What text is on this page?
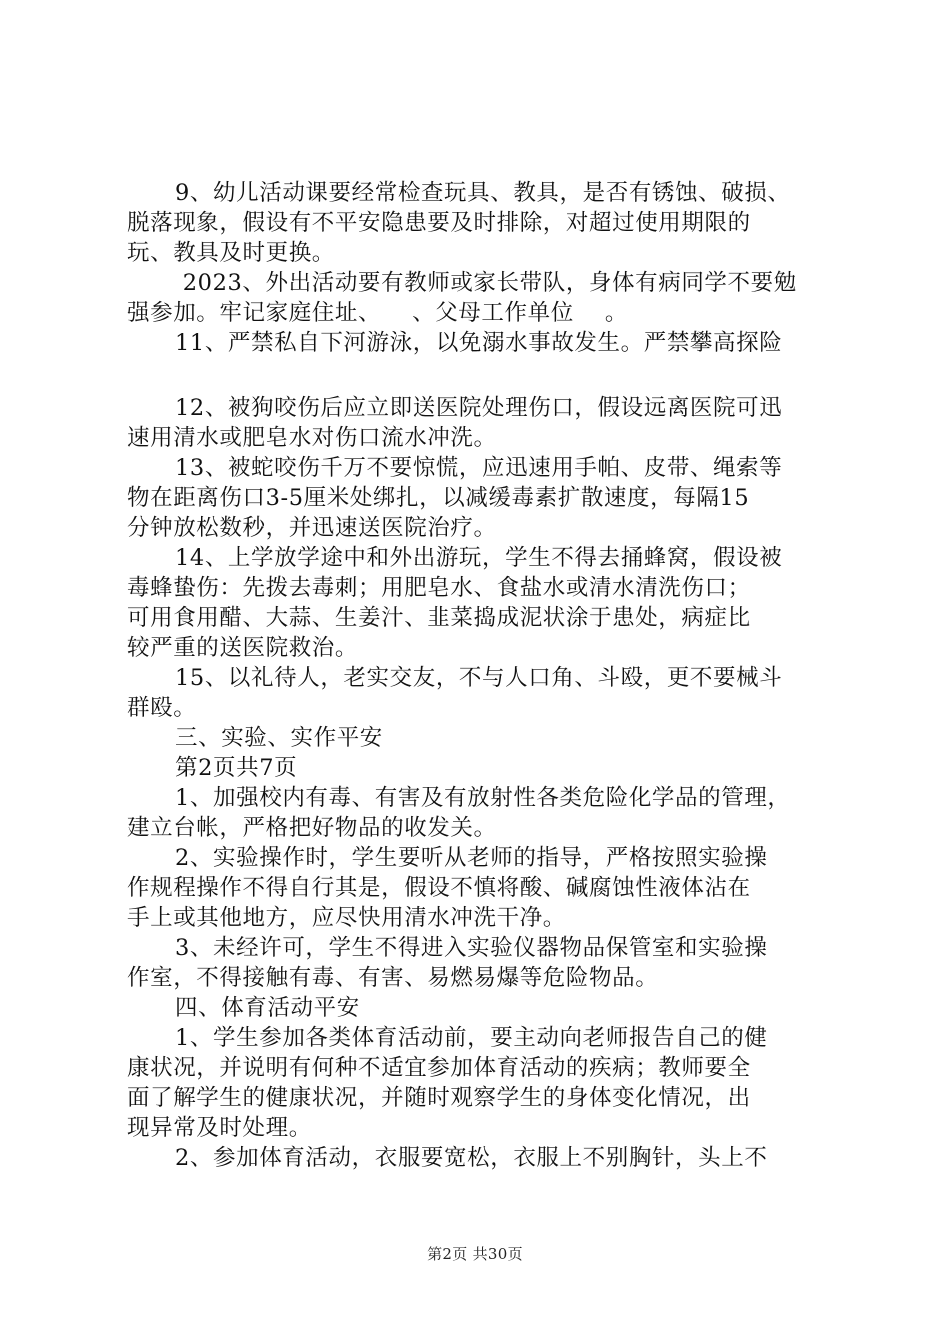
9、幼儿活动课要经常检查玩具、教具，是否有锈蚀、破损、
脱落现象，假设有不平安隐患要及时排除，对超过使用期限的
玩、教具及时更换。
2023、外出活动要有教师或家长带队，身体有病同学不要勉
强参加。牢记家庭住址、    、父母工作单位    。
11、严禁私自下河游泳，以免溺水事故发生。严禁攀高探险
12、被狗咬伤后应立即送医院处理伤口，假设远离医院可迅
速用清水或肥皂水对伤口流水冲洗。
13、被蛇咬伤千万不要惊慌，应迅速用手帕、皮带、绳索等
物在距离伤口3-5厘米处绑扎，以减缓毒素扩散速度，每隔15
分钟放松数秒，并迅速送医院治疗。
14、上学放学途中和外出游玩，学生不得去捅蜂窝，假设被
毒蜂蛰伤：先拨去毒刺；用肥皂水、食盐水或清水清洗伤口；
可用食用醋、大蒜、生姜汁、韭菜捣成泥状涂于患处，病症比
较严重的送医院救治。
15、以礼待人，老实交友，不与人口角、斗殴，更不要械斗
群殴。
三、实验、实作平安
第2页共7页
1、加强校内有毒、有害及有放射性各类危险化学品的管理，
建立台帐，严格把好物品的收发关。
2、实验操作时，学生要听从老师的指导，严格按照实验操
作规程操作不得自行其是，假设不慎将酸、碱腐蚀性液体沾在
手上或其他地方，应尽快用清水冲洗干净。
3、未经许可，学生不得进入实验仪器物品保管室和实验操
作室，不得接触有毒、有害、易燃易爆等危险物品。
四、体育活动平安
1、学生参加各类体育活动前，要主动向老师报告自己的健
康状况，并说明有何种不适宜参加体育活动的疾病；教师要全
面了解学生的健康状况，并随时观察学生的身体变化情况，出
现异常及时处理。
2、参加体育活动，衣服要宽松，衣服上不别胸针，头上不
第2页 共30页
